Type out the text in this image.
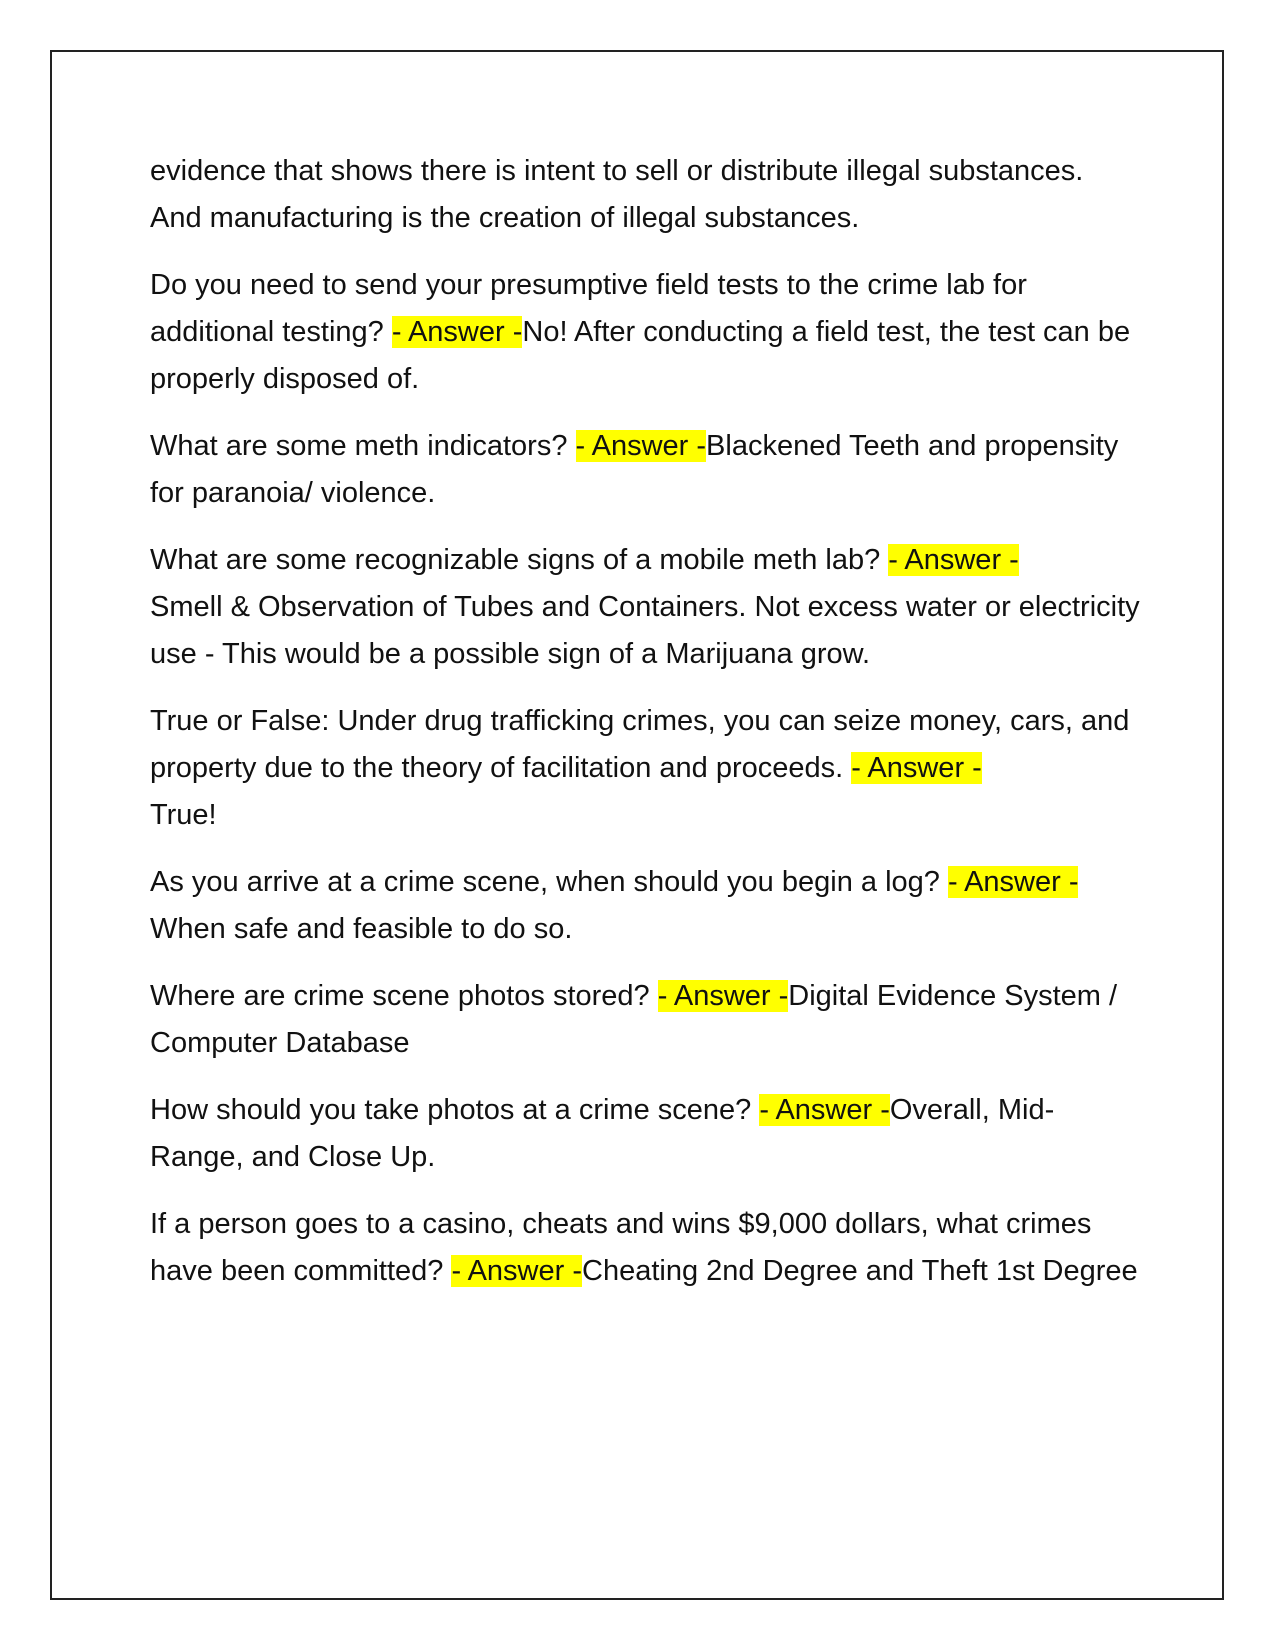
evidence that shows there is intent to sell or distribute illegal substances. And manufacturing is the creation of illegal substances.

Do you need to send your presumptive field tests to the crime lab for additional testing? - Answer -No! After conducting a field test, the test can be properly disposed of.

What are some meth indicators? - Answer -Blackened Teeth and propensity for paranoia/ violence.

What are some recognizable signs of a mobile meth lab? - Answer -
Smell & Observation of Tubes and Containers. Not excess water or electricity use - This would be a possible sign of a Marijuana grow.

True or False: Under drug trafficking crimes, you can seize money, cars, and property due to the theory of facilitation and proceeds. - Answer -
True!

As you arrive at a crime scene, when should you begin a log? - Answer -
When safe and feasible to do so.

Where are crime scene photos stored? - Answer -Digital Evidence System / Computer Database

How should you take photos at a crime scene? - Answer -Overall, Mid-Range, and Close Up.

If a person goes to a casino, cheats and wins $9,000 dollars, what crimes have been committed? - Answer -Cheating 2nd Degree and Theft 1st Degree
